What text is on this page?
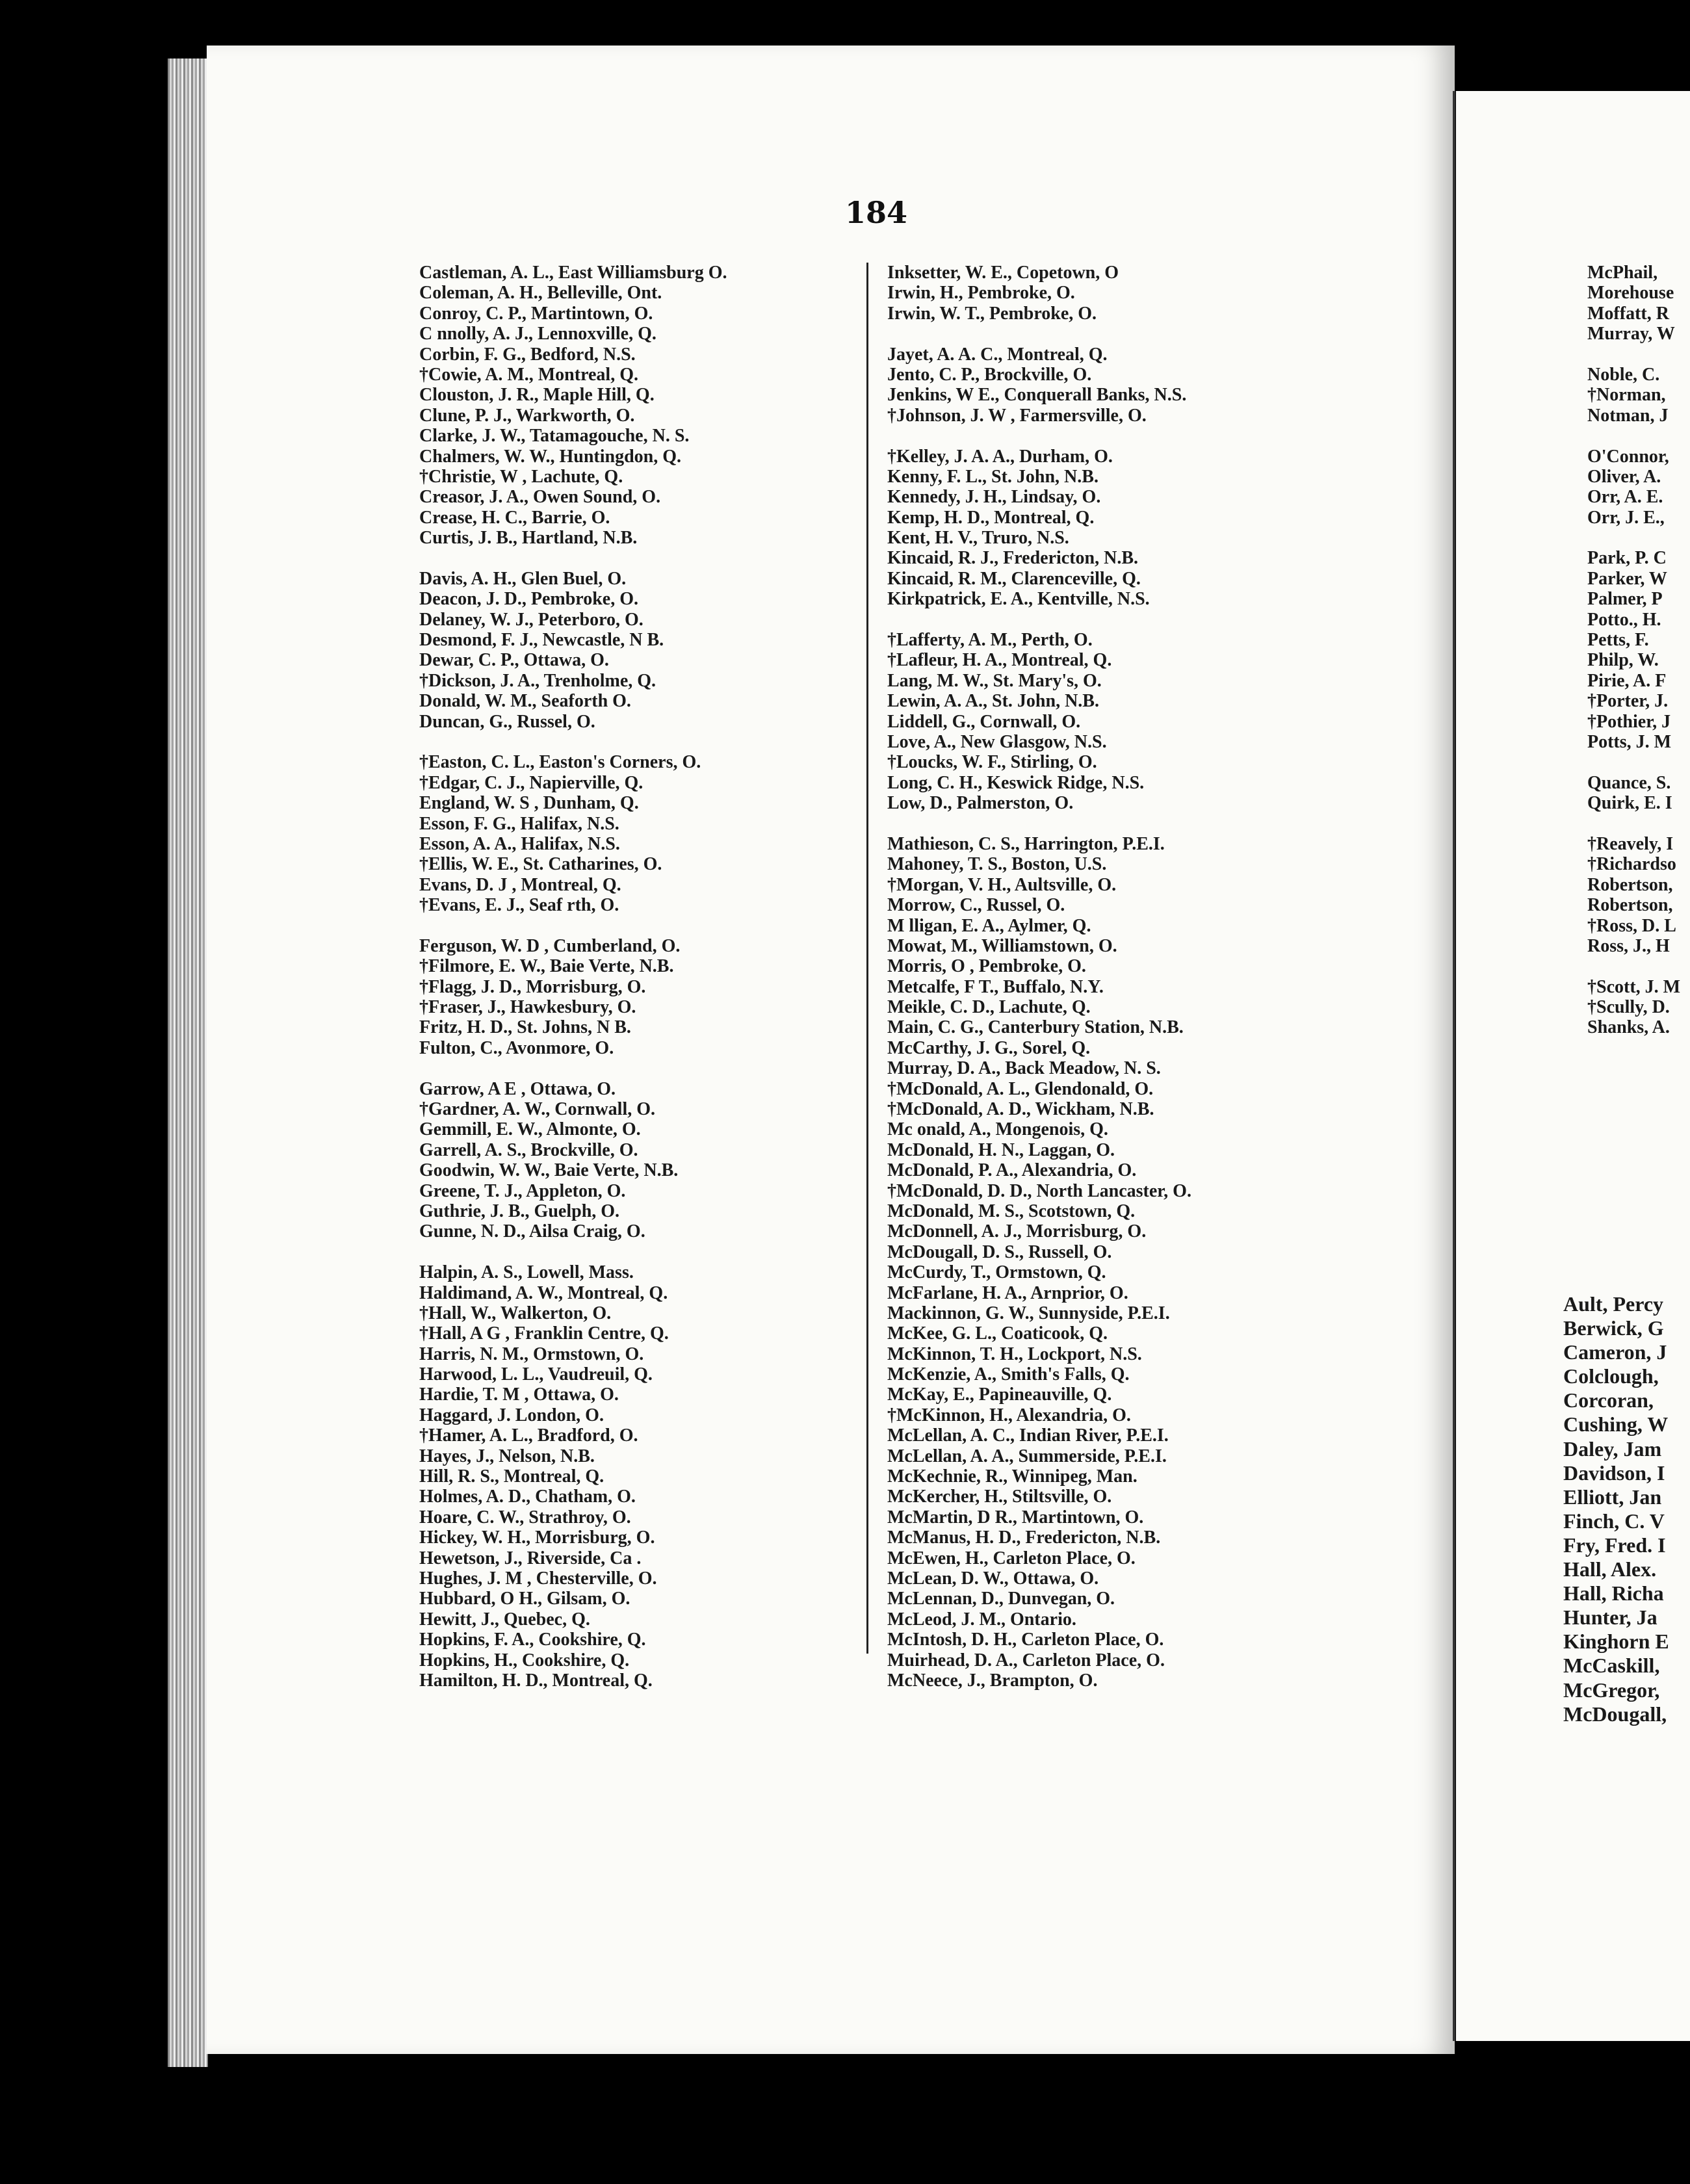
184
Castleman, A. L., East Williamsburg O.
Coleman, A. H., Belleville, Ont.
Conroy, C. P., Martintown, O.
C nnolly, A. J., Lennoxville, Q.
Corbin, F. G., Bedford, N.S.
†Cowie, A. M., Montreal, Q.
Clouston, J. R., Maple Hill, Q.
Clune, P. J., Warkworth, O.
Clarke, J. W., Tatamagouche, N. S.
Chalmers, W. W., Huntingdon, Q.
†Christie, W , Lachute, Q.
Creasor, J. A., Owen Sound, O.
Crease, H. C., Barrie, O.
Curtis, J. B., Hartland, N.B.
Davis, A. H., Glen Buel, O.
Deacon, J. D., Pembroke, O.
Delaney, W. J., Peterboro, O.
Desmond, F. J., Newcastle, N B.
Dewar, C. P., Ottawa, O.
†Dickson, J. A., Trenholme, Q.
Donald, W. M., Seaforth O.
Duncan, G., Russel, O.
†Easton, C. L., Easton's Corners, O.
†Edgar, C. J., Napierville, Q.
England, W. S , Dunham, Q.
Esson, F. G., Halifax, N.S.
Esson, A. A., Halifax, N.S.
†Ellis, W. E., St. Catharines, O.
Evans, D. J , Montreal, Q.
†Evans, E. J., Seaf rth, O.
Ferguson, W. D , Cumberland, O.
†Filmore, E. W., Baie Verte, N.B.
†Flagg, J. D., Morrisburg, O.
†Fraser, J., Hawkesbury, O.
Fritz, H. D., St. Johns, N B.
Fulton, C., Avonmore, O.
Garrow, A E , Ottawa, O.
†Gardner, A. W., Cornwall, O.
Gemmill, E. W., Almonte, O.
Garrell, A. S., Brockville, O.
Goodwin, W. W., Baie Verte, N.B.
Greene, T. J., Appleton, O.
Guthrie, J. B., Guelph, O.
Gunne, N. D., Ailsa Craig, O.
Halpin, A. S., Lowell, Mass.
Haldimand, A. W., Montreal, Q.
†Hall, W., Walkerton, O.
†Hall, A G , Franklin Centre, Q.
Harris, N. M., Ormstown, O.
Harwood, L. L., Vaudreuil, Q.
Hardie, T. M , Ottawa, O.
Haggard, J. London, O.
†Hamer, A. L., Bradford, O.
Hayes, J., Nelson, N.B.
Hill, R. S., Montreal, Q.
Holmes, A. D., Chatham, O.
Hoare, C. W., Strathroy, O.
Hickey, W. H., Morrisburg, O.
Hewetson, J., Riverside, Ca .
Hughes, J. M , Chesterville, O.
Hubbard, O H., Gilsam, O.
Hewitt, J., Quebec, Q.
Hopkins, F. A., Cookshire, Q.
Hopkins, H., Cookshire, Q.
Hamilton, H. D., Montreal, Q.
Inksetter, W. E., Copetown, O
Irwin, H., Pembroke, O.
Irwin, W. T., Pembroke, O.
Jayet, A. A. C., Montreal, Q.
Jento, C. P., Brockville, O.
Jenkins, W E., Conquerall Banks, N.S.
†Johnson, J. W , Farmersville, O.
†Kelley, J. A. A., Durham, O.
Kenny, F. L., St. John, N.B.
Kennedy, J. H., Lindsay, O.
Kemp, H. D., Montreal, Q.
Kent, H. V., Truro, N.S.
Kincaid, R. J., Fredericton, N.B.
Kincaid, R. M., Clarenceville, Q.
Kirkpatrick, E. A., Kentville, N.S.
†Lafferty, A. M., Perth, O.
†Lafleur, H. A., Montreal, Q.
Lang, M. W., St. Mary's, O.
Lewin, A. A., St. John, N.B.
Liddell, G., Cornwall, O.
Love, A., New Glasgow, N.S.
†Loucks, W. F., Stirling, O.
Long, C. H., Keswick Ridge, N.S.
Low, D., Palmerston, O.
Mathieson, C. S., Harrington, P.E.I.
Mahoney, T. S., Boston, U.S.
†Morgan, V. H., Aultsville, O.
Morrow, C., Russel, O.
M lligan, E. A., Aylmer, Q.
Mowat, M., Williamstown, O.
Morris, O , Pembroke, O.
Metcalfe, F T., Buffalo, N.Y.
Meikle, C. D., Lachute, Q.
Main, C. G., Canterbury Station, N.B.
McCarthy, J. G., Sorel, Q.
Murray, D. A., Back Meadow, N. S.
†McDonald, A. L., Glendonald, O.
†McDonald, A. D., Wickham, N.B.
Mc onald, A., Mongenois, Q.
McDonald, H. N., Laggan, O.
McDonald, P. A., Alexandria, O.
†McDonald, D. D., North Lancaster, O.
McDonald, M. S., Scotstown, Q.
McDonnell, A. J., Morrisburg, O.
McDougall, D. S., Russell, O.
McCurdy, T., Ormstown, Q.
McFarlane, H. A., Arnprior, O.
Mackinnon, G. W., Sunnyside, P.E.I.
McKee, G. L., Coaticook, Q.
McKinnon, T. H., Lockport, N.S.
McKenzie, A., Smith's Falls, Q.
McKay, E., Papineauville, Q.
†McKinnon, H., Alexandria, O.
McLellan, A. C., Indian River, P.E.I.
McLellan, A. A., Summerside, P.E.I.
McKechnie, R., Winnipeg, Man.
McKercher, H., Stiltsville, O.
McMartin, D R., Martintown, O.
McManus, H. D., Fredericton, N.B.
McEwen, H., Carleton Place, O.
McLean, D. W., Ottawa, O.
McLennan, D., Dunvegan, O.
McLeod, J. M., Ontario.
McIntosh, D. H., Carleton Place, O.
Muirhead, D. A., Carleton Place, O.
McNeece, J., Brampton, O.
McPhail,
Morehouse
Moffatt, R
Murray, W
Noble, C.
†Norman,
Notman, J
O'Connor,
Oliver, A.
Orr, A. E.
Orr, J. E.,
Park, P. C
Parker, W
Palmer, P
Potto., H.
Petts, F.
Philp, W.
Pirie, A. F
†Porter, J.
†Pothier, J
Potts, J. M
Quance, S.
Quirk, E. I
†Reavely, I
†Richardso
Robertson,
Robertson,
†Ross, D. L
Ross, J., H
†Scott, J. M
†Scully, D.
Shanks, A.
Ault, Percy
Berwick, G
Cameron, J
Colclough,
Corcoran,
Cushing, W
Daley, Jam
Davidson, I
Elliott, Jan
Finch, C. V
Fry, Fred. I
Hall, Alex.
Hall, Richa
Hunter, Ja
Kinghorn E
McCaskill,
McGregor,
McDougall,
